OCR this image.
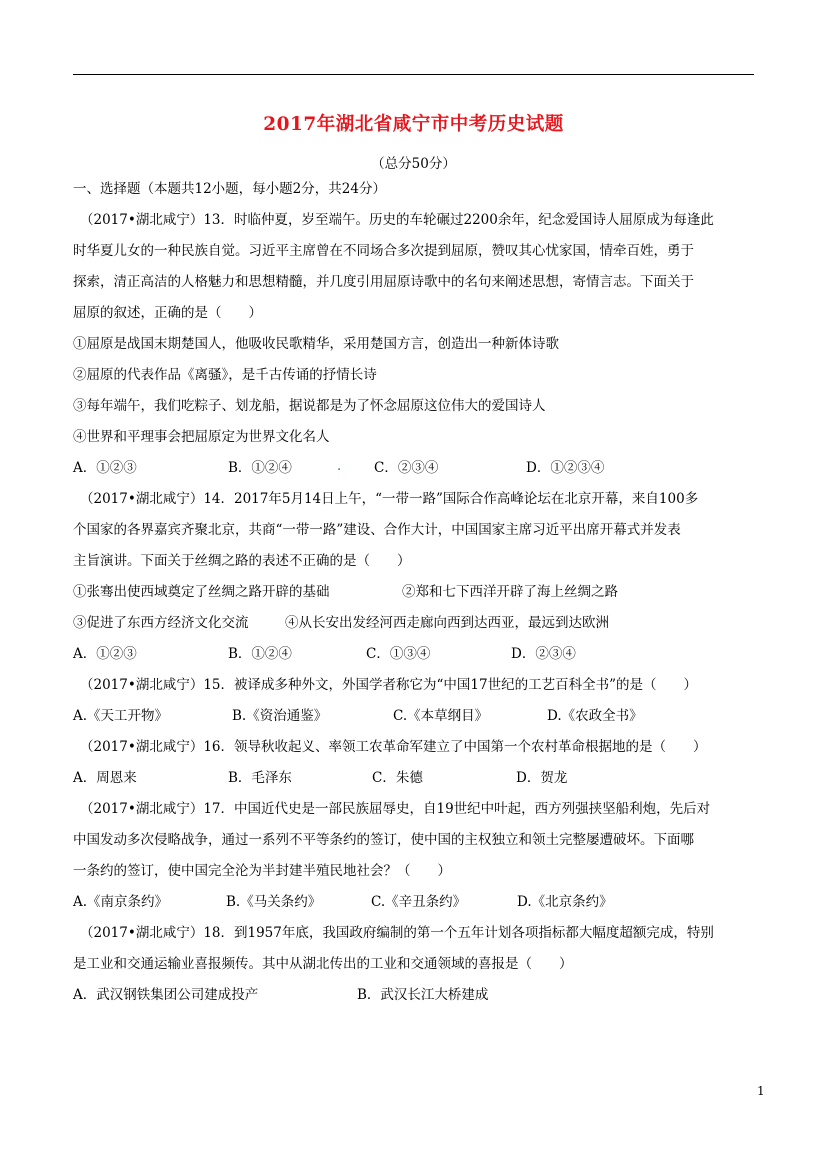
2017年湖北省咸宁市中考历史试题
（总分50分）
一、选择题（本题共12小题，每小题2分，共24分）
（2017•湖北咸宁）13．时临仲夏，岁至端午。历史的车轮碾过2200余年，纪念爱国诗人屈原成为每逢此
时华夏儿女的一种民族自觉。习近平主席曾在不同场合多次提到屈原，赞叹其心忧家国，情牵百姓，勇于
探索，清正高洁的人格魅力和思想精髓，并几度引用屈原诗歌中的名句来阐述思想，寄情言志。下面关于
屈原的叙述，正确的是（　　）
①屈原是战国末期楚国人，他吸收民歌精华，采用楚国方言，创造出一种新体诗歌
②屈原的代表作品《离骚》，是千古传诵的抒情长诗
③每年端午，我们吃粽子、划龙船，据说都是为了怀念屈原这位伟大的爱国诗人
④世界和平理事会把屈原定为世界文化名人
A．①②③	B．①②④	. C．②③④	D．①②③④
（2017•湖北咸宁）14．2017年5月14日上午，“一带一路”国际合作高峰论坛在北京开幕，来自100多
个国家的各界嘉宾齐聚北京，共商“一带一路”建设、合作大计，中国国家主席习近平出席开幕式并发表
主旨演讲。下面关于丝绸之路的表述不正确的是（　　）
①张骞出使西域奠定了丝绸之路开辟的基础	②郑和七下西洋开辟了海上丝绸之路
③促进了东西方经济文化交流	④从长安出发经河西走廊向西到达西亚，最远到达欧洲
A．①②③	B．①②④	C．①③④	D．②③④
（2017•湖北咸宁）15．被译成多种外文，外国学者称它为“中国17世纪的工艺百科全书”的是（　　）
A.《天工开物》	B.《资治通鉴》	C.《本草纲目》	D.《农政全书》
（2017•湖北咸宁）16．领导秋收起义、率领工农革命军建立了中国第一个农村革命根据地的是（　　）
A．周恩来	B．毛泽东	C．朱德	D．贺龙
（2017•湖北咸宁）17．中国近代史是一部民族屈辱史，自19世纪中叶起，西方列强挟坚船利炮，先后对
中国发动多次侵略战争，通过一系列不平等条约的签订，使中国的主权独立和领土完整屡遭破坏。下面哪
一条约的签订，使中国完全沦为半封建半殖民地社会？（　　）
A.《南京条约》	B.《马关条约》	C.《辛丑条约》	D.《北京条约》
（2017•湖北咸宁）18．到1957年底，我国政府编制的第一个五年计划各项指标都大幅度超额完成，特别
是工业和交通运输业喜报频传。其中从湖北传出的工业和交通领域的喜报是（　　）
A．武汉钢铁集团公司建成投产	B．武汉长江大桥建成
1
